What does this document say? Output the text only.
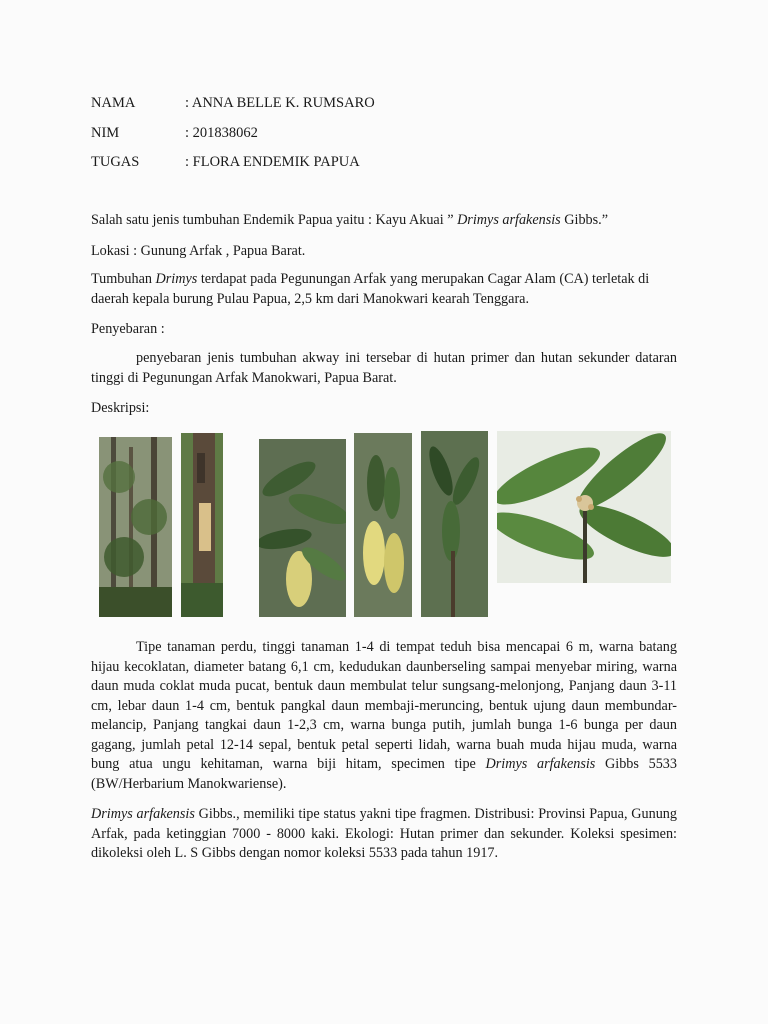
NAMA	: ANNA BELLE K. RUMSARO
NIM	: 201838062
TUGAS	: FLORA ENDEMIK PAPUA
Salah satu jenis tumbuhan Endemik Papua yaitu : Kayu Akuai ” Drimys arfakensis Gibbs.”
Lokasi : Gunung Arfak , Papua Barat.
Tumbuhan Drimys terdapat pada Pegunungan Arfak yang merupakan Cagar Alam (CA) terletak di daerah kepala burung Pulau Papua, 2,5 km dari Manokwari kearah Tenggara.
Penyebaran :
penyebaran jenis tumbuhan akway ini tersebar di hutan primer dan hutan sekunder dataran tinggi di Pegunungan Arfak Manokwari, Papua Barat.
Deskripsi:
Tipe tanaman perdu, tinggi tanaman 1-4 di tempat teduh bisa mencapai 6 m, warna batang hijau kecoklatan, diameter batang 6,1 cm, kedudukan daunberseling sampai menyebar miring, warna daun muda coklat muda pucat, bentuk daun membulat telur sungsang-melonjong, Panjang daun 3-11 cm, lebar daun 1-4 cm, bentuk pangkal daun membaji-meruncing, bentuk ujung daun membundar-melancip, Panjang tangkai daun 1-2,3 cm, warna bunga putih, jumlah bunga 1-6 bunga per daun gagang, jumlah petal 12-14 sepal, bentuk petal seperti lidah, warna buah muda hijau muda, warna bung atua ungu kehitaman, warna biji hitam, specimen tipe Drimys arfakensis Gibbs 5533 (BW/Herbarium Manokwariense).
Drimys arfakensis Gibbs., memiliki tipe status yakni tipe fragmen. Distribusi: Provinsi Papua, Gunung Arfak, pada ketinggian 7000 - 8000 kaki. Ekologi: Hutan primer dan sekunder. Koleksi spesimen: dikoleksi oleh L. S Gibbs dengan nomor koleksi 5533 pada tahun 1917.
